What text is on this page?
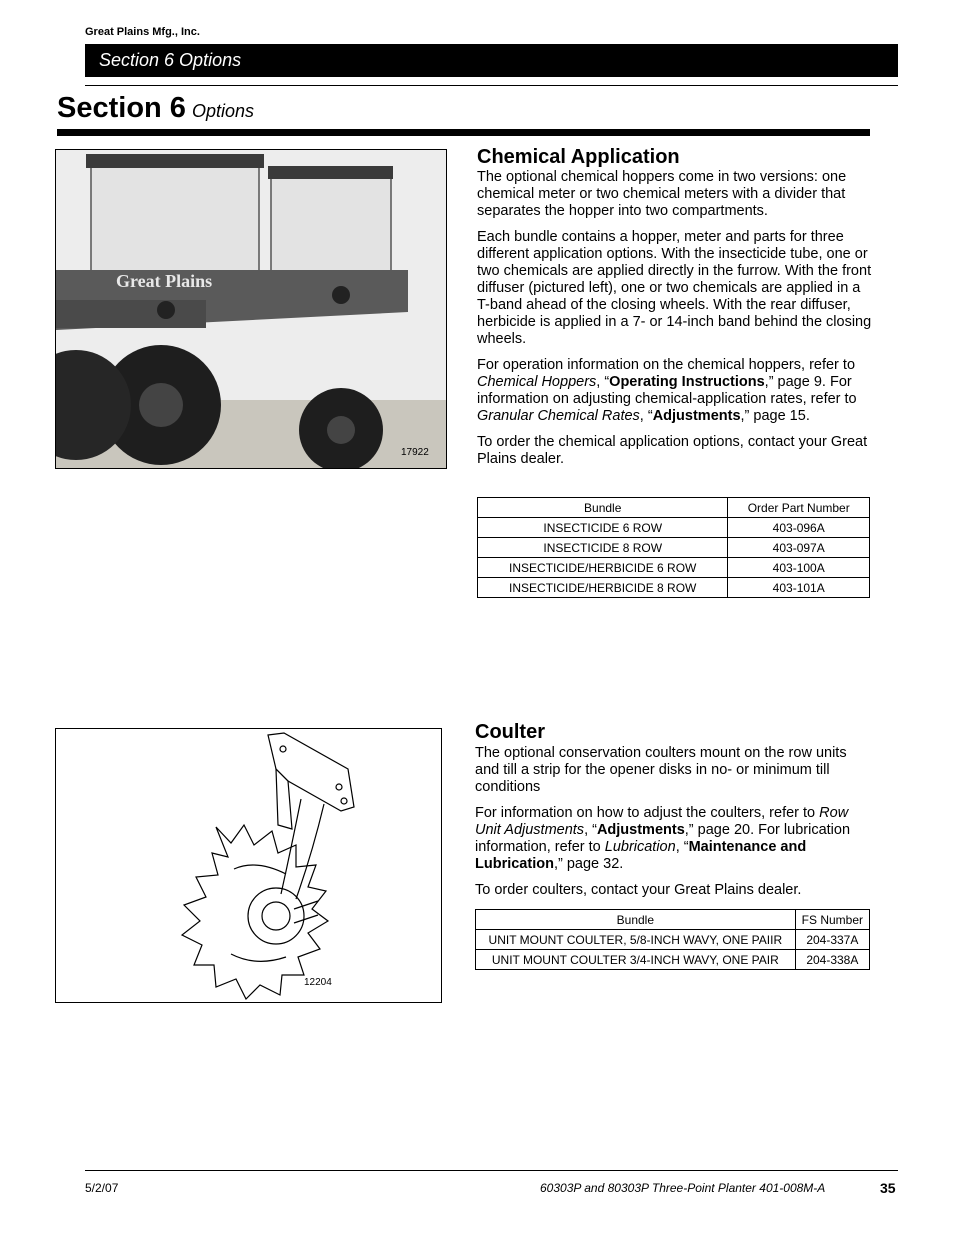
Great Plains Mfg., Inc.
Section 6 Options
Section 6 Options
Great Plains
17922
Chemical Application

The optional chemical hoppers come in two versions: one chemical meter or two chemical meters with a divider that separates the hopper into two compartments.

Each bundle contains a hopper, meter and parts for three different application options. With the insecticide tube, one or two chemicals are applied directly in the furrow. With the front diffuser (pictured left), one or two chemicals are applied in a T-band ahead of the closing wheels. With the rear diffuser, herbicide is applied in a 7- or 14-inch band behind the closing wheels.

For operation information on the chemical hoppers, refer to Chemical Hoppers, “Operating Instructions,” page 9. For information on adjusting chemical-application rates, refer to Granular Chemical Rates, “Adjustments,” page 15.

To order the chemical application options, contact your Great Plains dealer.

Bundle	Order Part Number
INSECTICIDE 6 ROW	403-096A
INSECTICIDE 8 ROW	403-097A
INSECTICIDE/HERBICIDE 6 ROW	403-100A
INSECTICIDE/HERBICIDE 8 ROW	403-101A
12204
Coulter

The optional conservation coulters mount on the row units and till a strip for the opener disks in no- or minimum till conditions

For information on how to adjust the coulters, refer to Row Unit Adjustments, “Adjustments,” page 20. For lubrication information, refer to Lubrication, “Maintenance and Lubrication,” page 32.

To order coulters, contact your Great Plains dealer.

Bundle	FS Number
UNIT MOUNT COULTER, 5/8-INCH WAVY, ONE PAIIR	204-337A
UNIT MOUNT COULTER 3/4-INCH WAVY, ONE PAIR	204-338A
5/2/07	60303P and 80303P Three-Point Planter 401-008M-A	35
